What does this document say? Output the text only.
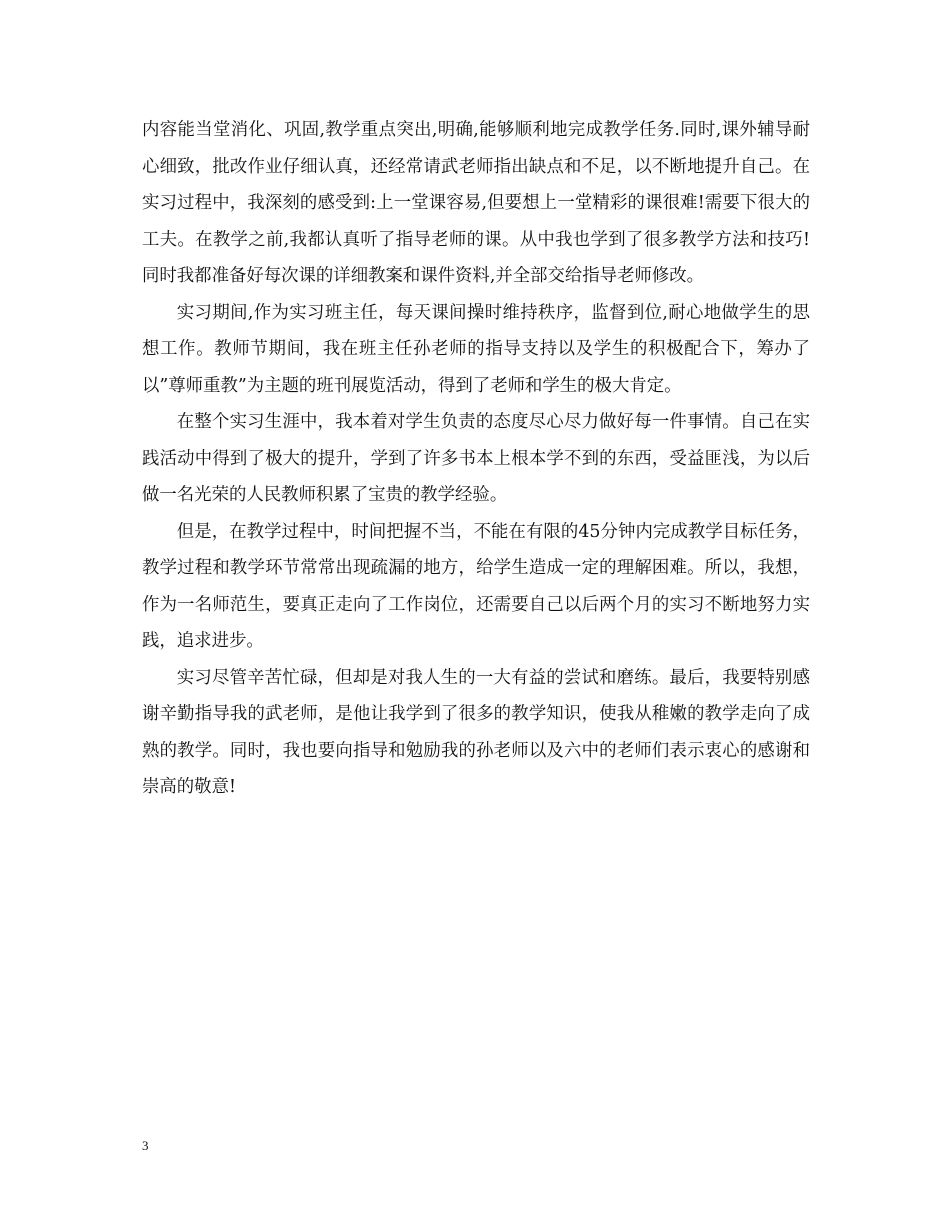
内容能当堂消化、巩固,教学重点突出,明确,能够顺利地完成教学任务.同时,课外辅导耐心细致，批改作业仔细认真，还经常请武老师指出缺点和不足，以不断地提升自己。在实习过程中，我深刻的感受到:上一堂课容易,但要想上一堂精彩的课很难!需要下很大的工夫。在教学之前,我都认真听了指导老师的课。从中我也学到了很多教学方法和技巧!同时我都准备好每次课的详细教案和课件资料,并全部交给指导老师修改。

实习期间,作为实习班主任，每天课间操时维持秩序，监督到位,耐心地做学生的思想工作。教师节期间，我在班主任孙老师的指导支持以及学生的积极配合下，筹办了以”尊师重教”为主题的班刊展览活动，得到了老师和学生的极大肯定。

在整个实习生涯中，我本着对学生负责的态度尽心尽力做好每一件事情。自己在实践活动中得到了极大的提升，学到了许多书本上根本学不到的东西，受益匪浅，为以后做一名光荣的人民教师积累了宝贵的教学经验。

但是，在教学过程中，时间把握不当，不能在有限的45分钟内完成教学目标任务，教学过程和教学环节常常出现疏漏的地方，给学生造成一定的理解困难。所以，我想，作为一名师范生，要真正走向了工作岗位，还需要自己以后两个月的实习不断地努力实践，追求进步。

实习尽管辛苦忙碌，但却是对我人生的一大有益的尝试和磨练。最后，我要特别感谢辛勤指导我的武老师，是他让我学到了很多的教学知识，使我从稚嫩的教学走向了成熟的教学。同时，我也要向指导和勉励我的孙老师以及六中的老师们表示衷心的感谢和崇高的敬意!

3
